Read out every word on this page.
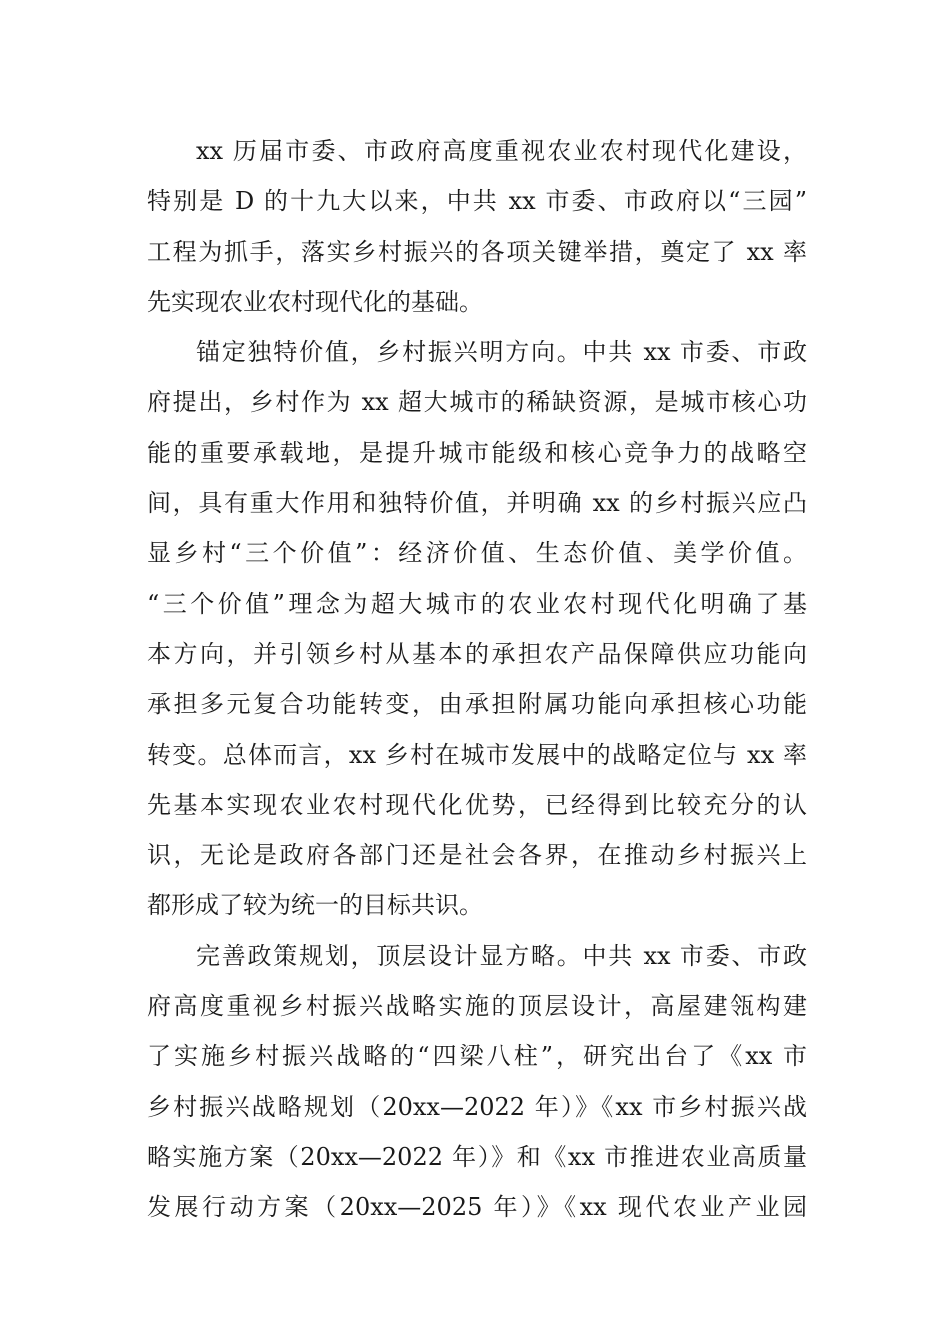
xx 历届市委、市政府高度重视农业农村现代化建设，
特别是 D 的十九大以来，中共 xx 市委、市政府以“三园”
工程为抓手，落实乡村振兴的各项关键举措，奠定了 xx 率
先实现农业农村现代化的基础。
锚定独特价值，乡村振兴明方向。中共 xx 市委、市政
府提出，乡村作为 xx 超大城市的稀缺资源，是城市核心功
能的重要承载地，是提升城市能级和核心竞争力的战略空
间，具有重大作用和独特价值，并明确 xx 的乡村振兴应凸
显乡村“三个价值”：经济价值、生态价值、美学价值。
“三个价值”理念为超大城市的农业农村现代化明确了基
本方向，并引领乡村从基本的承担农产品保障供应功能向
承担多元复合功能转变，由承担附属功能向承担核心功能
转变。总体而言，xx 乡村在城市发展中的战略定位与 xx 率
先基本实现农业农村现代化优势，已经得到比较充分的认
识，无论是政府各部门还是社会各界，在推动乡村振兴上
都形成了较为统一的目标共识。
完善政策规划，顶层设计显方略。中共 xx 市委、市政
府高度重视乡村振兴战略实施的顶层设计，高屋建瓴构建
了实施乡村振兴战略的“四梁八柱”，研究出台了《xx 市
乡村振兴战略规划（20xx—2022 年）》《xx 市乡村振兴战
略实施方案（20xx—2022 年）》和《xx 市推进农业高质量
发展行动方案（20xx—2025 年）》《xx 现代农业产业园
